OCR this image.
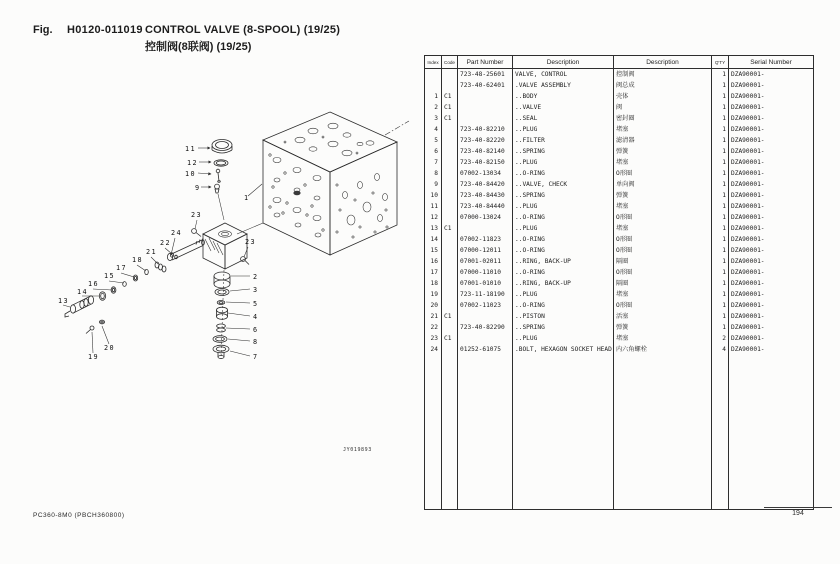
Fig. H0120-011019 CONTROL VALVE (8-SPOOL) (19/25)
控制阀(8联阀) (19/25)
11
12
10
9
1
23
24
22
21
18
17
15
16
14
13
20
19
23
2
3
5
4
6
8
7
JY019893
Index	Code	Part Number	Description	Description	Q'TY	Serial Number
		723-48-25601	VALVE, CONTROL	控制阀	1	DZA90001-
		723-40-62401	.VALVE ASSEMBLY	阀总成	1	DZA90001-
1	C1		..BODY	壳体	1	DZA90001-
2	C1		..VALVE	阀	1	DZA90001-
3	C1		..SEAL	密封圈	1	DZA90001-
4		723-40-82210	..PLUG	堵塞	1	DZA90001-
5		723-40-82220	..FILTER	滤清器	1	DZA90001-
6		723-40-82140	..SPRING	弹簧	1	DZA90001-
7		723-40-82150	..PLUG	堵塞	1	DZA90001-
8		07002-13034	..O-RING	O形圈	1	DZA90001-
9		723-40-84420	..VALVE, CHECK	单向阀	1	DZA90001-
10		723-40-84430	..SPRING	弹簧	1	DZA90001-
11		723-40-84440	..PLUG	堵塞	1	DZA90001-
12		07000-13024	..O-RING	O形圈	1	DZA90001-
13	C1		..PLUG	堵塞	1	DZA90001-
14		07002-11823	..O-RING	O形圈	1	DZA90001-
15		07000-12011	..O-RING	O形圈	1	DZA90001-
16		07001-02011	..RING, BACK-UP	隔圈	1	DZA90001-
17		07000-11010	..O-RING	O形圈	1	DZA90001-
18		07001-01010	..RING, BACK-UP	隔圈	1	DZA90001-
19		723-11-18190	..PLUG	堵塞	1	DZA90001-
20		07002-11023	..O-RING	O形圈	1	DZA90001-
21	C1		..PISTON	活塞	1	DZA90001-
22		723-40-82290	..SPRING	弹簧	1	DZA90001-
23	C1		..PLUG	堵塞	2	DZA90001-
24		01252-61075	.BOLT, HEXAGON SOCKET HEAD	内六角螺栓	4	DZA90001-

PC360-8M0 (PBCH360800)	194
